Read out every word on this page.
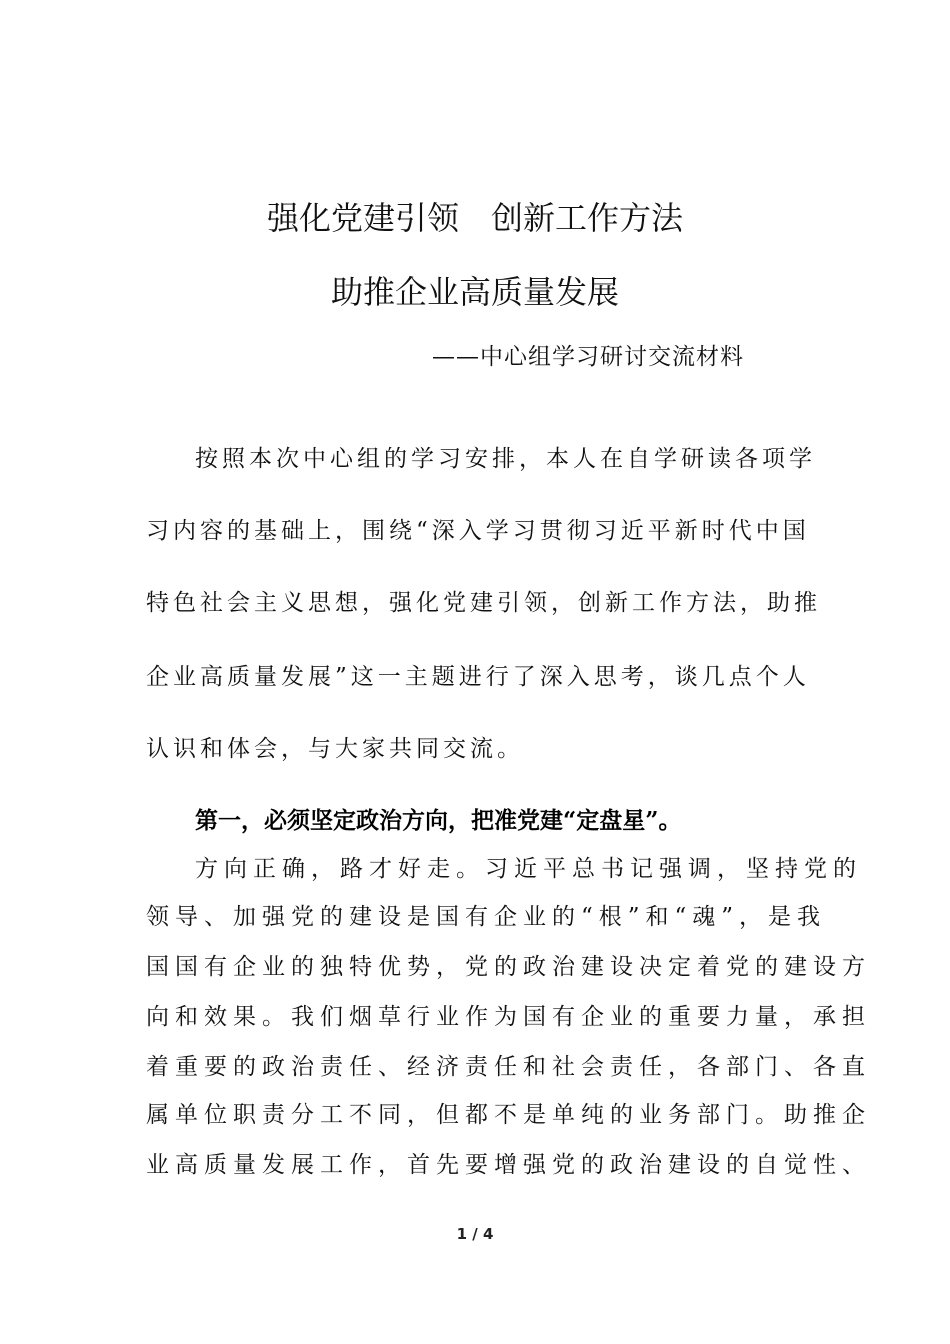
强化党建引领　创新工作方法
助推企业高质量发展
——中心组学习研讨交流材料
按照本次中心组的学习安排，本人在自学研读各项学
习内容的基础上，围绕“深入学习贯彻习近平新时代中国
特色社会主义思想，强化党建引领，创新工作方法，助推
企业高质量发展”这一主题进行了深入思考，谈几点个人
认识和体会，与大家共同交流。
第一，必须坚定政治方向，把准党建“定盘星”。
方向正确，路才好走。习近平总书记强调，坚持党的
领导、加强党的建设是国有企业的“根”和“魂”，是我
国国有企业的独特优势，党的政治建设决定着党的建设方
向和效果。我们烟草行业作为国有企业的重要力量，承担
着重要的政治责任、经济责任和社会责任，各部门、各直
属单位职责分工不同，但都不是单纯的业务部门。助推企
业高质量发展工作，首先要增强党的政治建设的自觉性、
1 / 4
